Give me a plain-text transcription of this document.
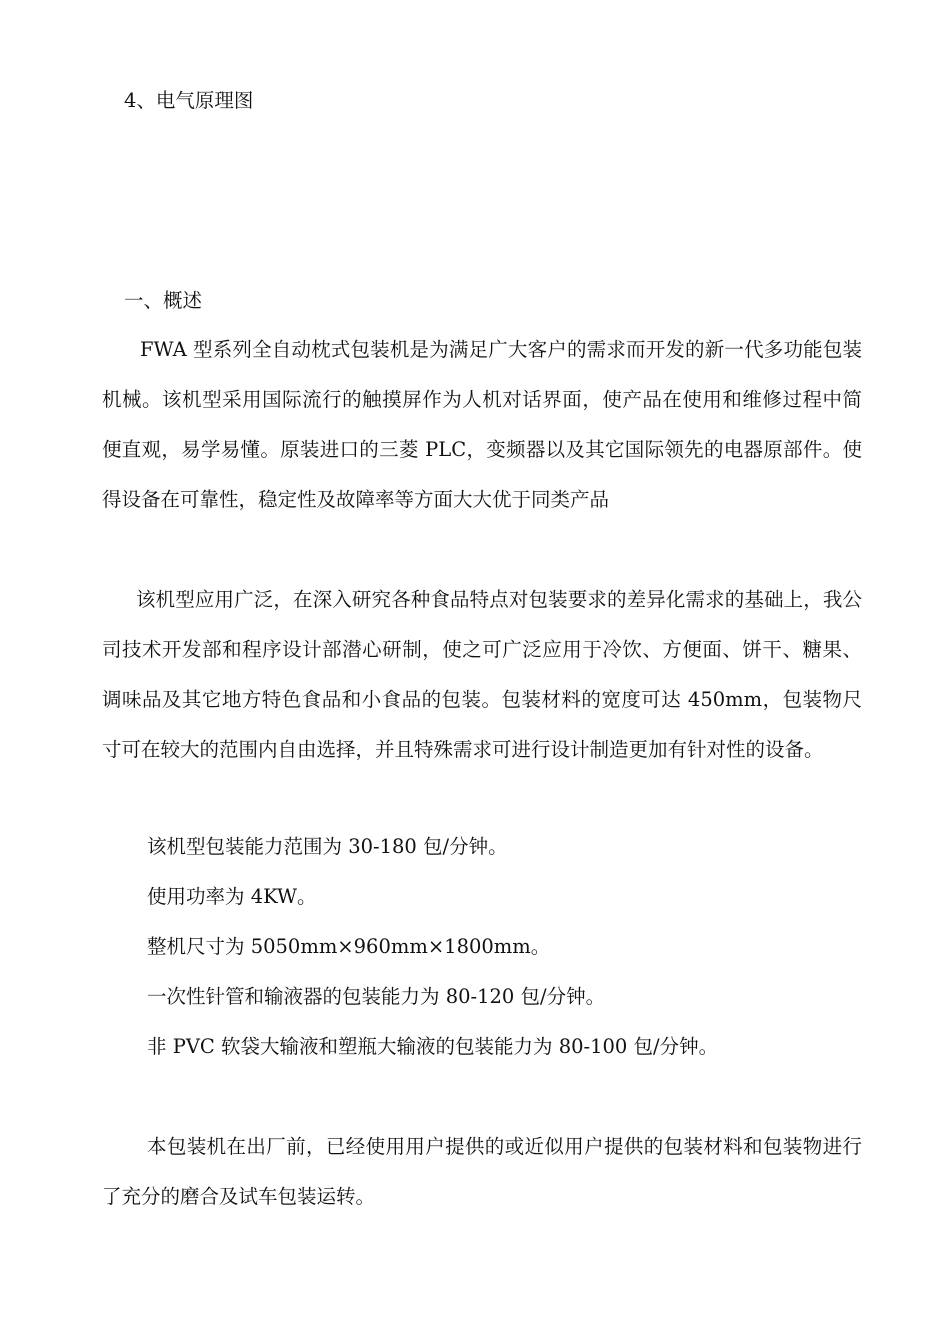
4、电气原理图
一、概述

FWA 型系列全自动枕式包装机是为满足广大客户的需求而开发的新一代多功能包装机械。该机型采用国际流行的触摸屏作为人机对话界面，使产品在使用和维修过程中简便直观，易学易懂。原装进口的三菱 PLC，变频器以及其它国际领先的电器原部件。使得设备在可靠性，稳定性及故障率等方面大大优于同类产品

该机型应用广泛，在深入研究各种食品特点对包装要求的差异化需求的基础上，我公司技术开发部和程序设计部潜心研制，使之可广泛应用于冷饮、方便面、饼干、糖果、调味品及其它地方特色食品和小食品的包装。包装材料的宽度可达 450mm，包装物尺寸可在较大的范围内自由选择，并且特殊需求可进行设计制造更加有针对性的设备。

该机型包装能力范围为 30-180 包/分钟。
使用功率为 4KW。
整机尺寸为 5050mm×960mm×1800mm。
一次性针管和输液器的包装能力为 80-120 包/分钟。
非 PVC 软袋大输液和塑瓶大输液的包装能力为 80-100 包/分钟。

本包装机在出厂前，已经使用用户提供的或近似用户提供的包装材料和包装物进行了充分的磨合及试车包装运转。
